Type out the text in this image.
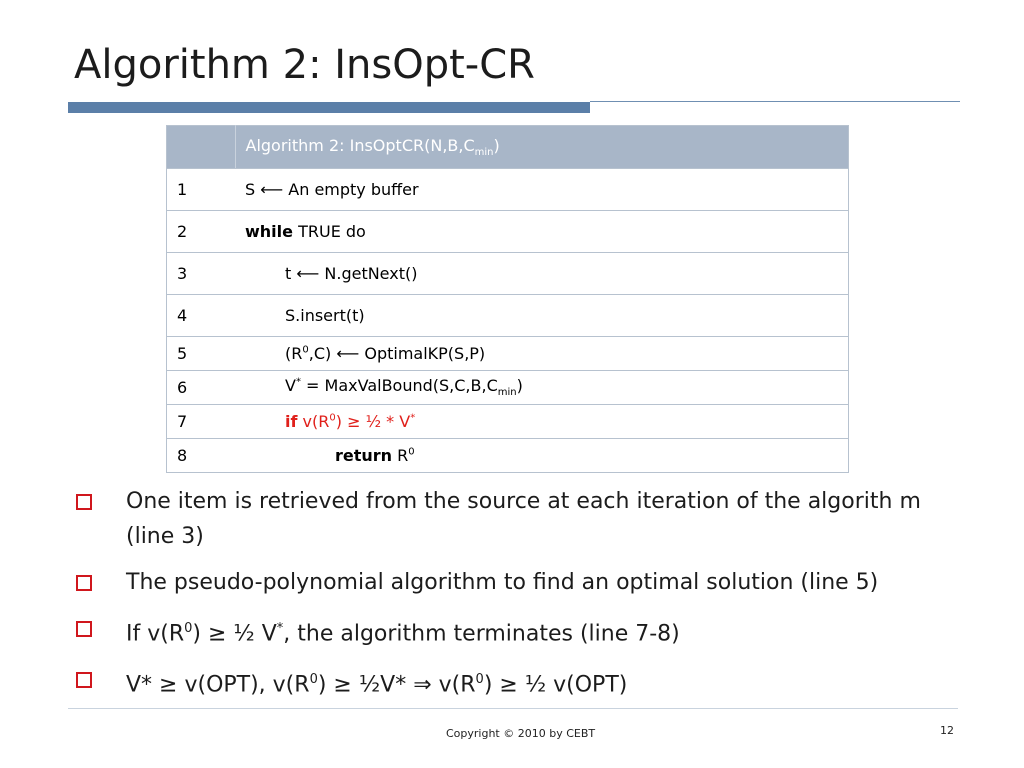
Algorithm 2: InsOpt-CR
	Algorithm 2: $InsOptCR(N,B,C_{min})$
1	S ⟵ An empty buffer
2	while TRUE do
3	t ⟵ N.getNext()
4	S.insert(t)
5	$(R^0,C)$ ⟵ OptimalKP(S,P)
6	$V^* = MaxValBound(S,C,B,C_{min})$
7	if $v(R^0)$ ≥ ½ * V*
8	return $R^0$
One item is retrieved from the source at each iteration of the algorith m (line 3)
The pseudo-polynomial algorithm to find an optimal solution (line 5)
If $v(R^0)$ ≥ ½ V*, the algorithm terminates (line 7-8)
V* ≥ v(OPT), $v(R^0)$ ≥ ½V* ⇒ $v(R^0)$ ≥ ½ v(OPT)
Copyright © 2010 by CEBT	12
